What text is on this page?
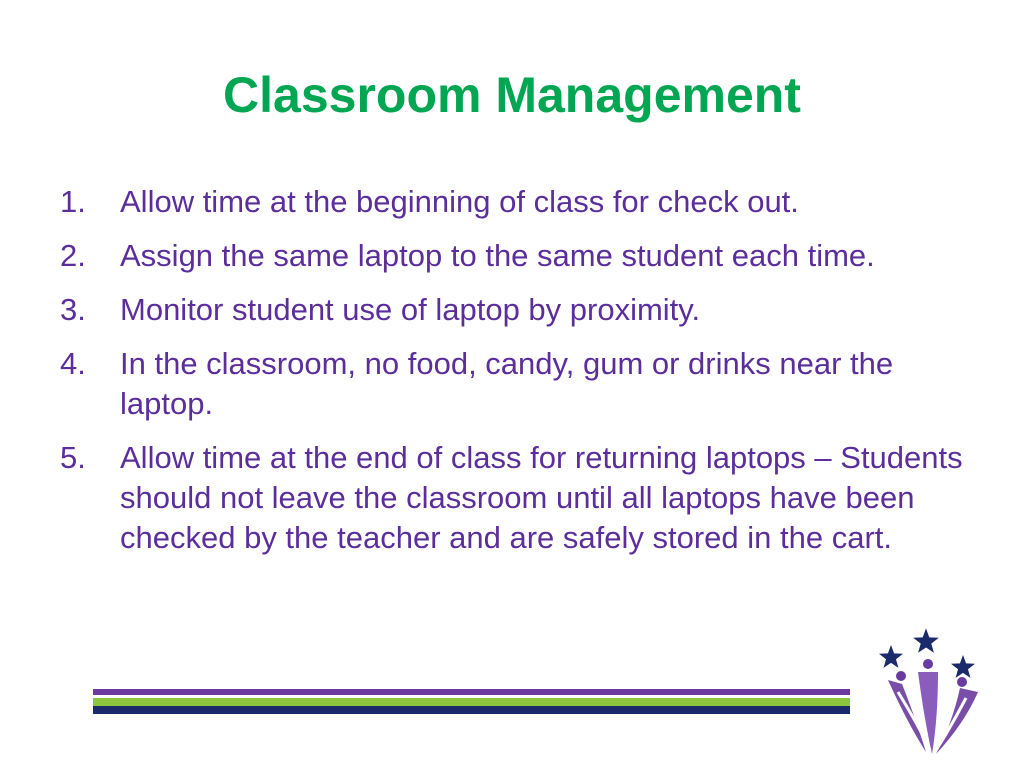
Classroom Management
1.	Allow time at the beginning of class for check out.
2.	Assign the same laptop to the same student each time.
3.	Monitor student use of laptop by proximity.
4.	In the classroom, no food, candy, gum or drinks near the laptop.
5.	Allow time at the end of class for returning laptops – Students should not leave the classroom until all laptops have been checked by the teacher and are safely stored in the cart.
